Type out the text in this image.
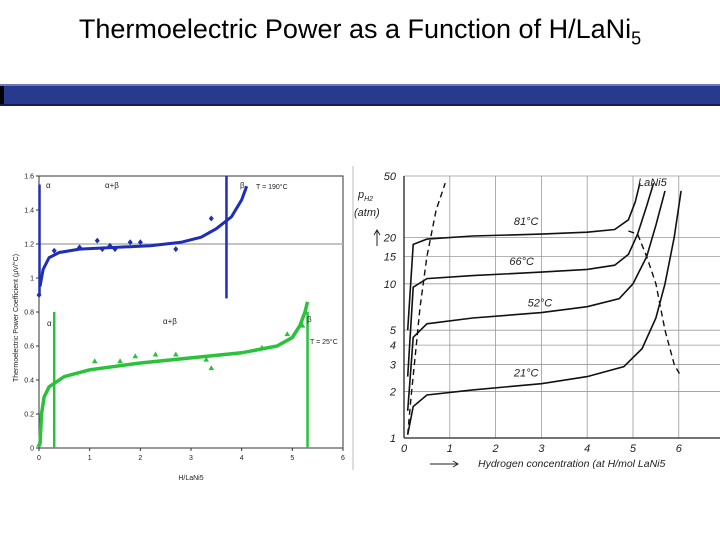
Thermoelectric Power as a Function of H/LaNi$_5$
0
0.2
0.4
0.6
0.8
1
1.2
1.4
1.6
0	1	2	3	4	5	6
Thermoelectric Power Coefficient (μV/°C)
H/LaNi5
α	α+β	β T = 190°C
α	α+β	β
T = 25°C
1
2
3
4
5
10
15
20
50
0	1	2	3	4	5	6
81°C
66°C
52°C
21°C
$p_{H2}$
(atm)
LaNi5
Hydrogen concentration (at H/mol LaNi5
